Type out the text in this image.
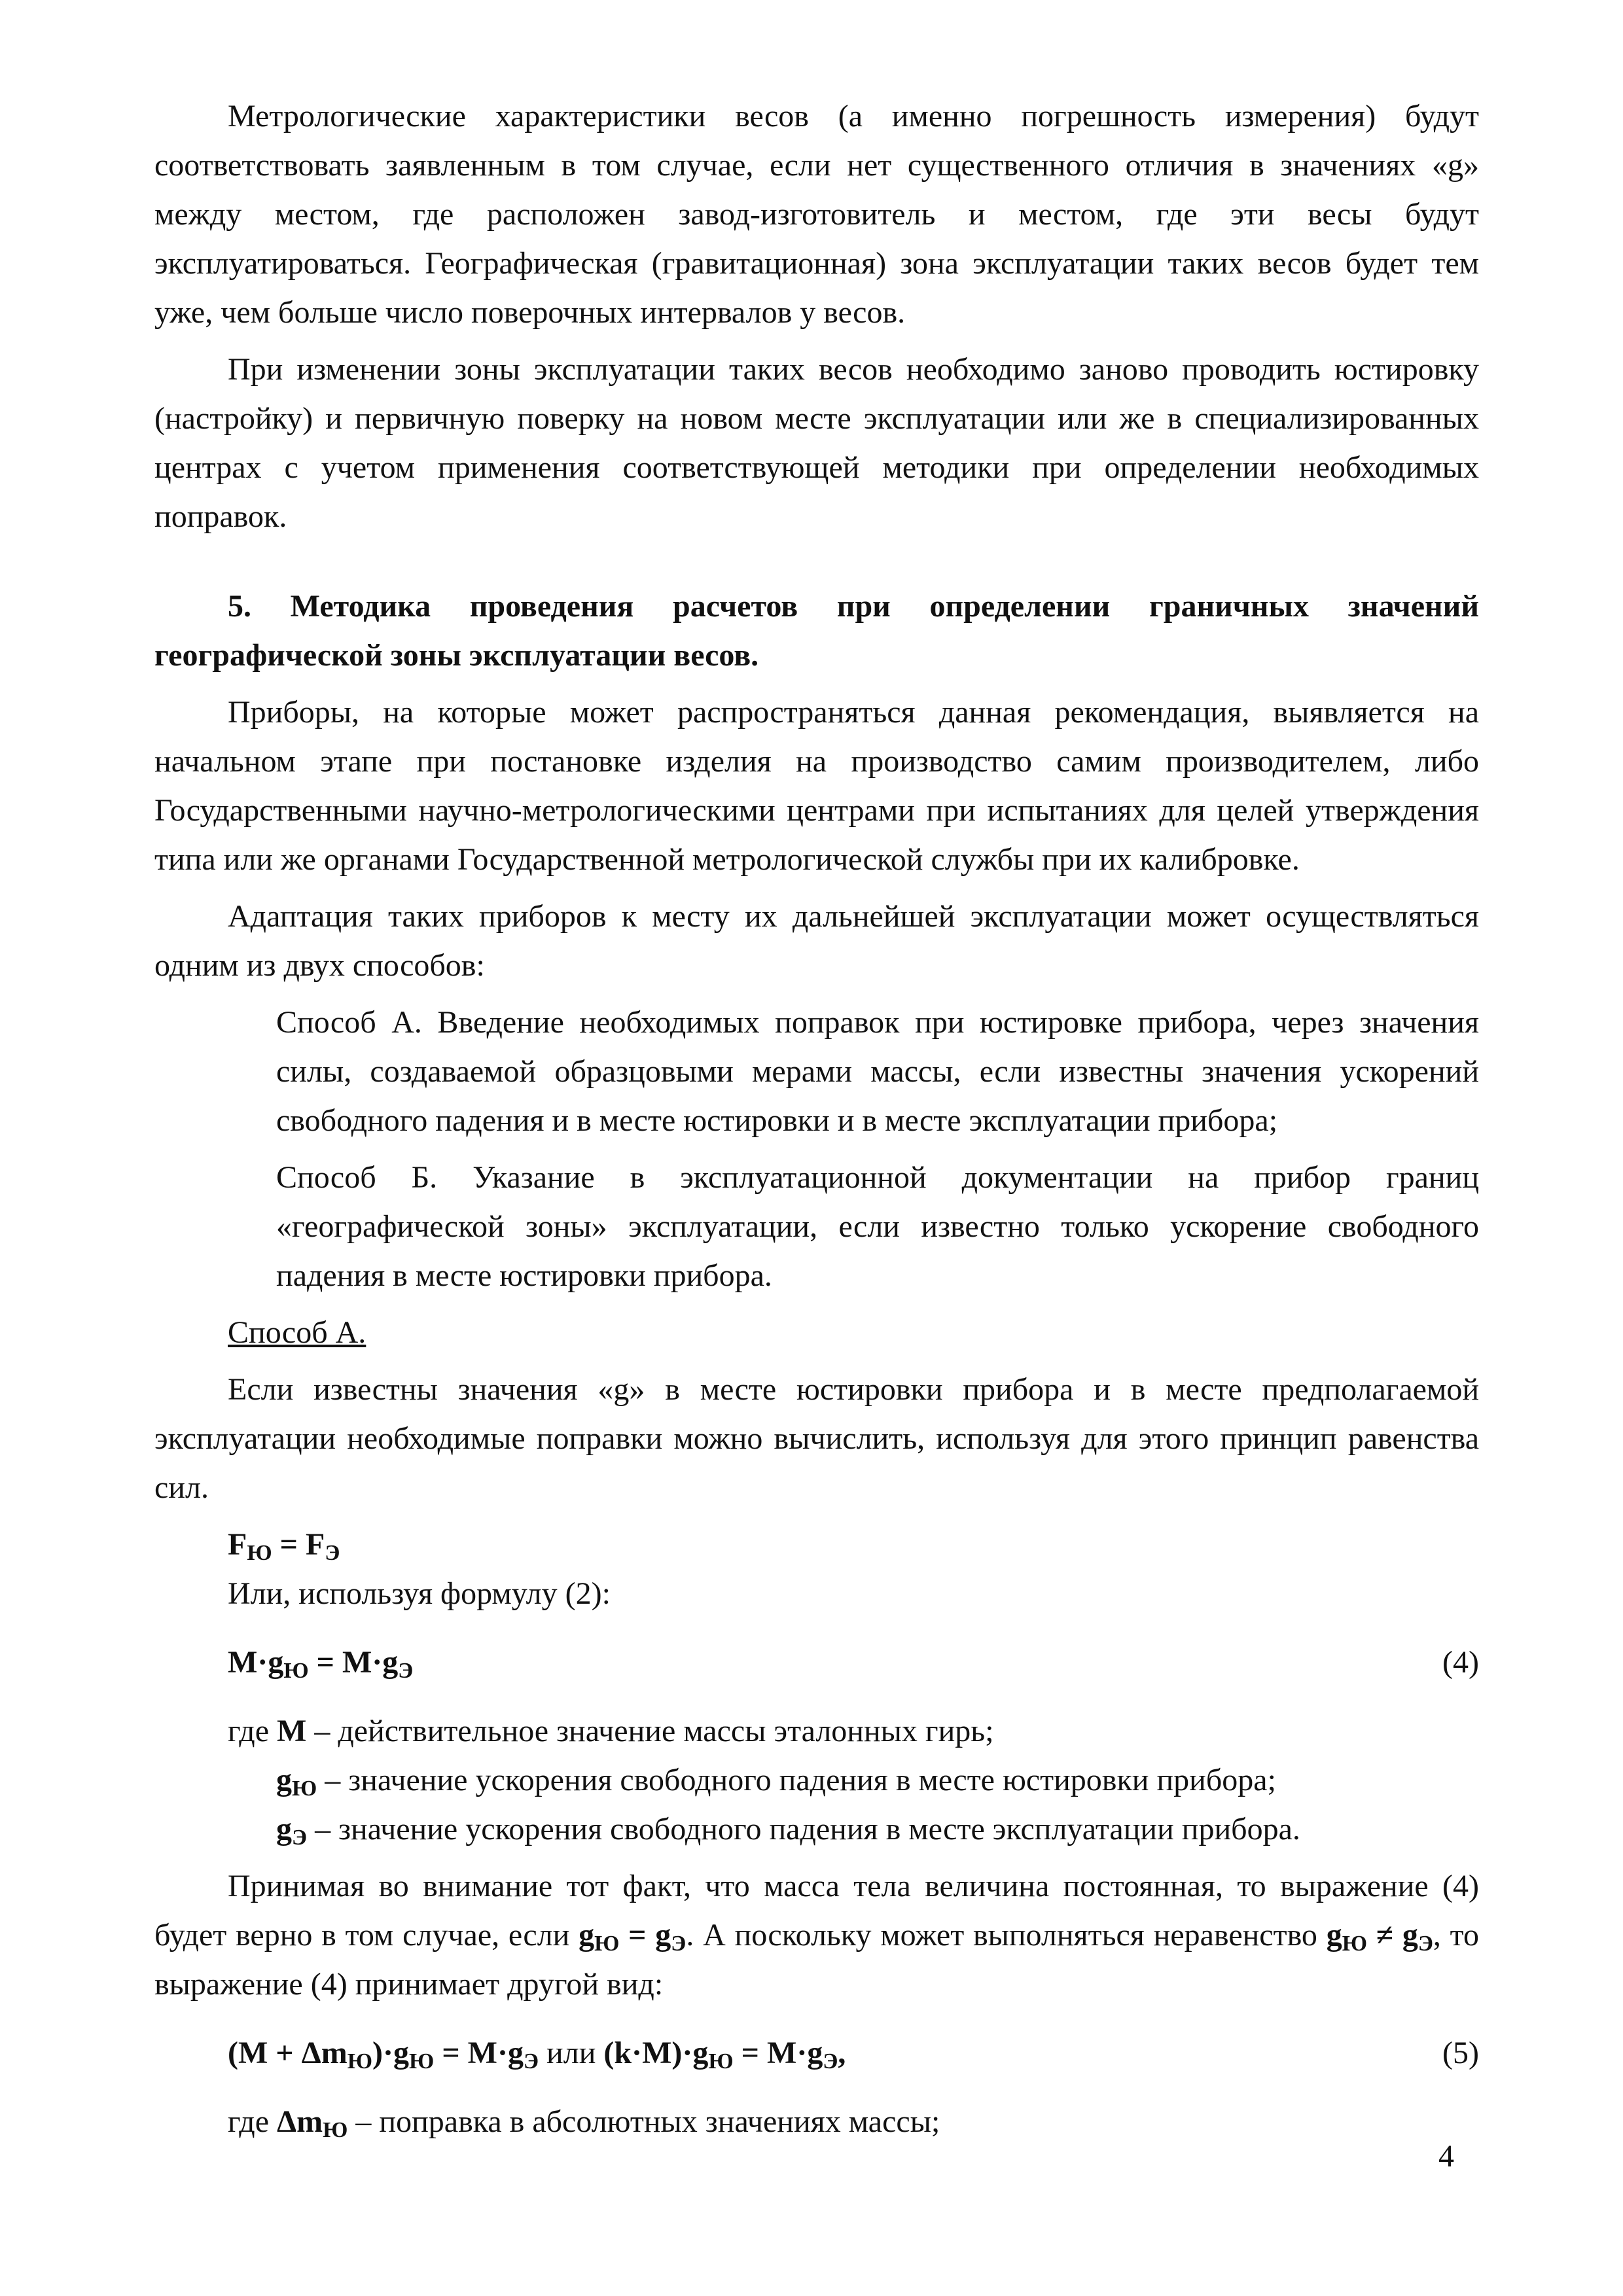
Метрологические характеристики весов (а именно погрешность измерения) будут соответствовать заявленным в том случае, если нет существенного отличия в значениях «g» между местом, где расположен завод-изготовитель и местом, где эти весы будут эксплуатироваться. Географическая (гравитационная) зона эксплуатации таких весов будет тем уже, чем больше число поверочных интервалов у весов.

При изменении зоны эксплуатации таких весов необходимо заново проводить юстировку (настройку) и первичную поверку на новом месте эксплуатации или же в специализированных центрах с учетом применения соответствующей методики при определении необходимых поправок.

5. Методика проведения расчетов при определении граничных значений географической зоны эксплуатации весов.

Приборы, на которые может распространяться данная рекомендация, выявляется на начальном этапе при постановке изделия на производство самим производителем, либо Государственными научно-метрологическими центрами при испытаниях для целей утверждения типа или же органами Государственной метрологической службы при их калибровке.

Адаптация таких приборов к месту их дальнейшей эксплуатации может осуществляться одним из двух способов:

Способ А. Введение необходимых поправок при юстировке прибора, через значения силы, создаваемой образцовыми мерами массы, если известны значения ускорений свободного падения и в месте юстировки и в месте эксплуатации прибора;

Способ Б. Указание в эксплуатационной документации на прибор границ «географической зоны» эксплуатации, если известно только ускорение свободного падения в месте юстировки прибора.

Способ А.

Если известны значения «g» в месте юстировки прибора и в месте предполагаемой эксплуатации необходимые поправки можно вычислить, используя для этого принцип равенства сил.

$F_Ю = F_Э$

Или, используя формулу (2):

$M\cdot g_Ю = M\cdot g_Э$	(4)

где M – действительное значение массы эталонных гирь;

$g_Ю$ – значение ускорения свободного падения в месте юстировки прибора;

$g_Э$ – значение ускорения свободного падения в месте эксплуатации прибора.

Принимая во внимание тот факт, что масса тела величина постоянная, то выражение (4) будет верно в том случае, если $g_Ю = g_Э$. А поскольку может выполняться неравенство $g_Ю \ne g_Э$, то выражение (4) принимает другой вид:

$(M + \Delta m_Ю)\cdot g_Ю = M\cdot g_Э$ или $(k\cdot M)\cdot g_Ю = M\cdot g_Э$,	(5)

где $\Delta m_Ю$ – поправка в абсолютных значениях массы;

4
